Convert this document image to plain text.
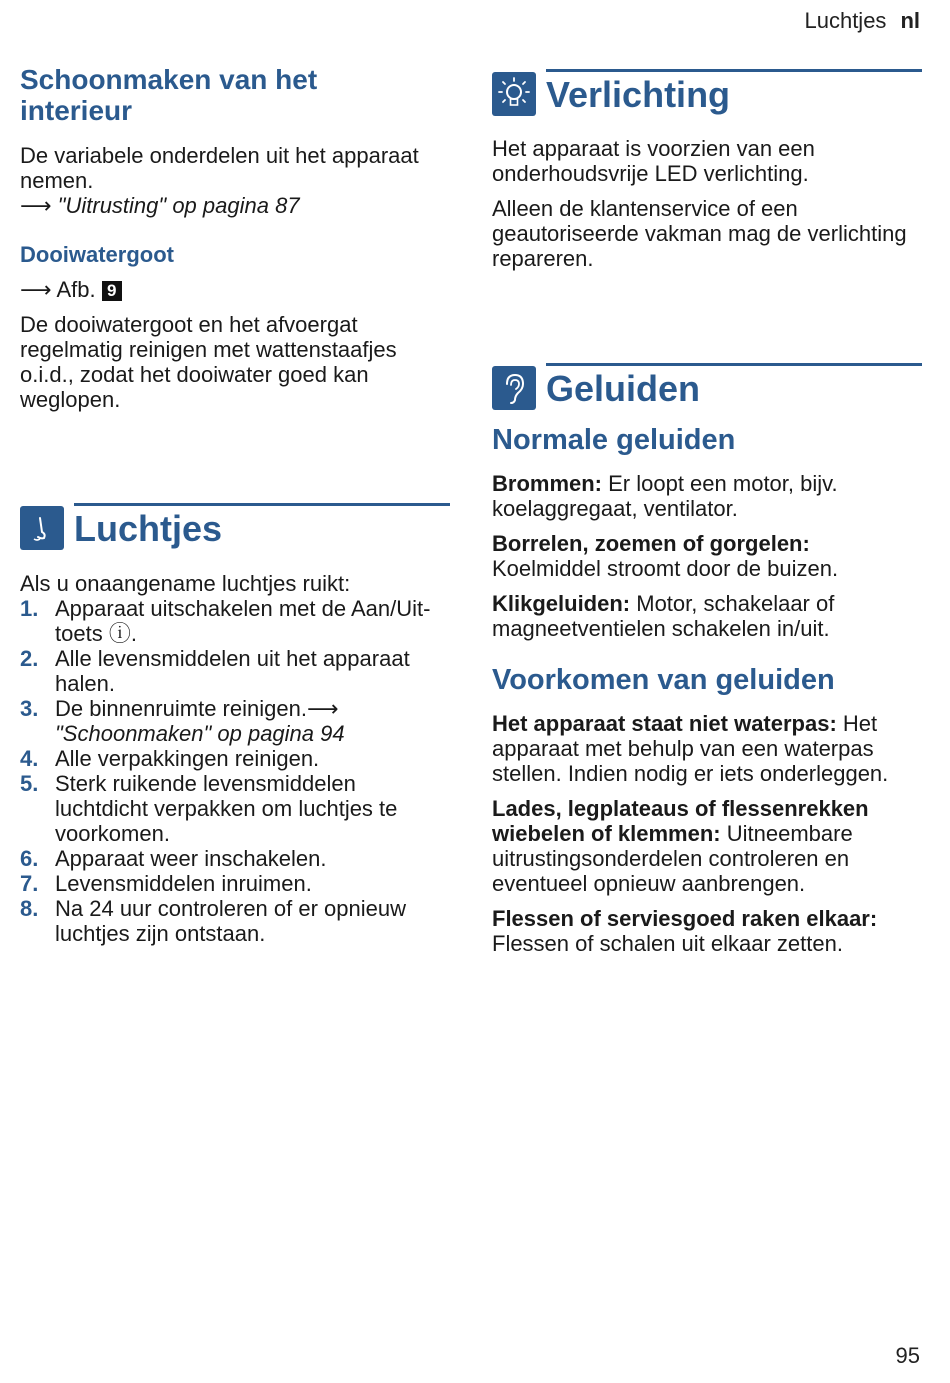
Luchtjes nl
Schoonmaken van het
interieur

De variabele onderdelen uit het apparaat nemen.
⟶ "Uitrusting" op pagina 87

Dooiwatergoot

⟶ Afb. 9

De dooiwatergoot en het afvoergat regelmatig reinigen met wattenstaafjes o.i.d., zodat het dooiwater goed kan weglopen.

Luchtjes

Als u onaangename luchtjes ruikt:

1. Apparaat uitschakelen met de Aan/Uit-toets ⓘ.
2. Alle levensmiddelen uit het apparaat halen.
3. De binnenruimte reinigen.⟶ "Schoonmaken" op pagina 94
4. Alle verpakkingen reinigen.
5. Sterk ruikende levensmiddelen luchtdicht verpakken om luchtjes te voorkomen.
6. Apparaat weer inschakelen.
7. Levensmiddelen inruimen.
8. Na 24 uur controleren of er opnieuw luchtjes zijn ontstaan.
Verlichting

Het apparaat is voorzien van een onderhoudsvrije LED verlichting.

Alleen de klantenservice of een geautoriseerde vakman mag de verlichting repareren.

Geluiden
Normale geluiden

Brommen: Er loopt een motor, bijv. koelaggregaat, ventilator.

Borrelen, zoemen of gorgelen: Koelmiddel stroomt door de buizen.

Klikgeluiden: Motor, schakelaar of magneetventielen schakelen in/uit.

Voorkomen van geluiden

Het apparaat staat niet waterpas: Het apparaat met behulp van een waterpas stellen. Indien nodig er iets onderleggen.

Lades, legplateaus of flessenrekken wiebelen of klemmen: Uitneembare uitrustingsonderdelen controleren en eventueel opnieuw aanbrengen.

Flessen of serviesgoed raken elkaar: Flessen of schalen uit elkaar zetten.

95
